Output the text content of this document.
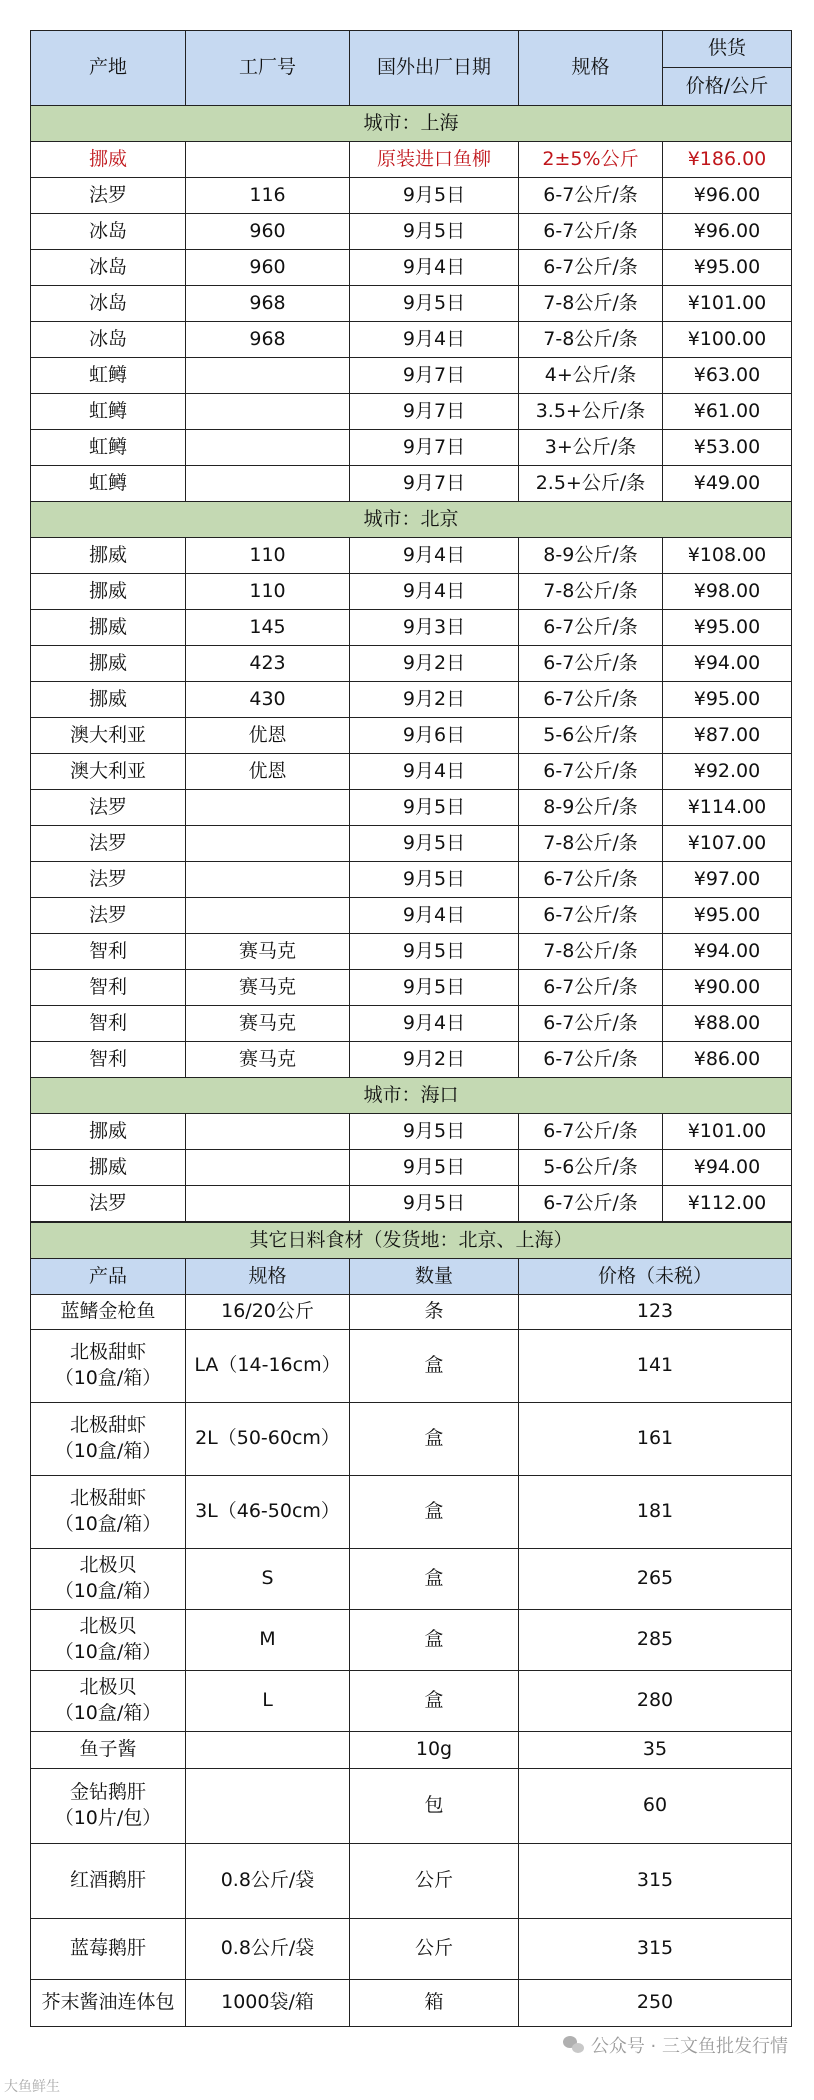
产地	工厂号	国外出厂日期	规格	供货
				价格/公斤
城市：上海				
挪威		原装进口鱼柳	2±5%公斤	¥186.00
法罗	116	9月5日	6-7公斤/条	¥96.00
冰岛	960	9月5日	6-7公斤/条	¥96.00
冰岛	960	9月4日	6-7公斤/条	¥95.00
冰岛	968	9月5日	7-8公斤/条	¥101.00
冰岛	968	9月4日	7-8公斤/条	¥100.00
虹鳟		9月7日	4+公斤/条	¥63.00
虹鳟		9月7日	3.5+公斤/条	¥61.00
虹鳟		9月7日	3+公斤/条	¥53.00
虹鳟		9月7日	2.5+公斤/条	¥49.00
城市：北京				
挪威	110	9月4日	8-9公斤/条	¥108.00
挪威	110	9月4日	7-8公斤/条	¥98.00
挪威	145	9月3日	6-7公斤/条	¥95.00
挪威	423	9月2日	6-7公斤/条	¥94.00
挪威	430	9月2日	6-7公斤/条	¥95.00
澳大利亚	优恩	9月6日	5-6公斤/条	¥87.00
澳大利亚	优恩	9月4日	6-7公斤/条	¥92.00
法罗		9月5日	8-9公斤/条	¥114.00
法罗		9月5日	7-8公斤/条	¥107.00
法罗		9月5日	6-7公斤/条	¥97.00
法罗		9月4日	6-7公斤/条	¥95.00
智利	赛马克	9月5日	7-8公斤/条	¥94.00
智利	赛马克	9月5日	6-7公斤/条	¥90.00
智利	赛马克	9月4日	6-7公斤/条	¥88.00
智利	赛马克	9月2日	6-7公斤/条	¥86.00
城市：海口				
挪威		9月5日	6-7公斤/条	¥101.00
挪威		9月5日	5-6公斤/条	¥94.00
法罗		9月5日	6-7公斤/条	¥112.00
其它日料食材（发货地：北京、上海）			
产品	规格	数量	价格（未税）
蓝鳍金枪鱼	16/20公斤	条	123
北极甜虾
（10盒/箱）	LA（14-16cm）	盒	141
北极甜虾
（10盒/箱）	2L（50-60cm）	盒	161
北极甜虾
（10盒/箱）	3L（46-50cm）	盒	181
北极贝
（10盒/箱）	S	盒	265
北极贝
（10盒/箱）	M	盒	285
北极贝
（10盒/箱）	L	盒	280
鱼子酱		10g	35
金钻鹅肝
（10片/包）		包	60
红酒鹅肝	0.8公斤/袋	公斤	315
蓝莓鹅肝	0.8公斤/袋	公斤	315
芥末酱油连体包	1000袋/箱	箱	250
公众号 · 三文鱼批发行情
大鱼鲜生
